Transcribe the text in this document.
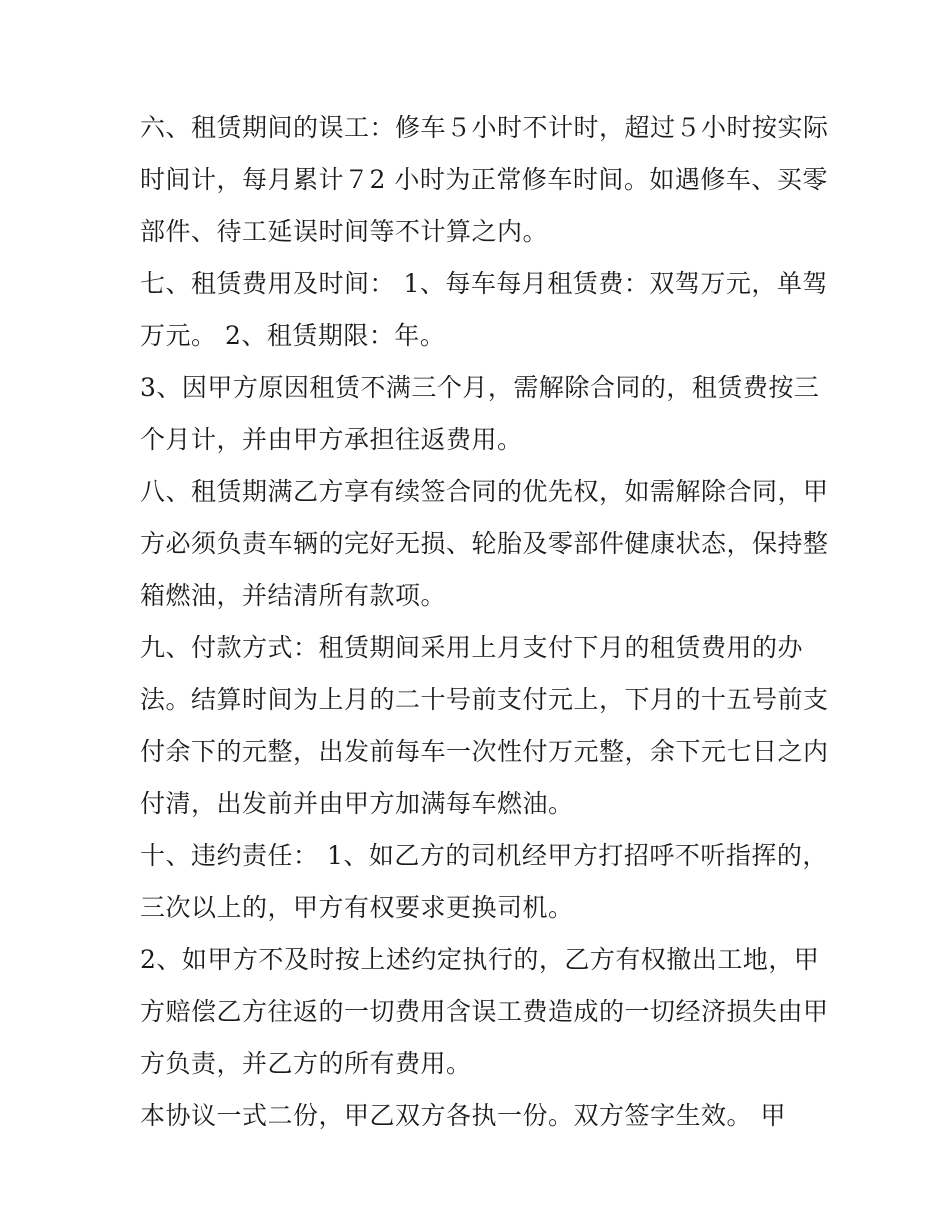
六、租赁期间的误工：修车５小时不计时，超过５小时按实际
时间计，每月累计７2 小时为正常修车时间。如遇修车、买零
部件、待工延误时间等不计算之内。
七、租赁费用及时间： 1、每车每月租赁费：双驾万元，单驾
万元。 2、租赁期限：年。
3、因甲方原因租赁不满三个月，需解除合同的，租赁费按三
个月计，并由甲方承担往返费用。
八、租赁期满乙方享有续签合同的优先权，如需解除合同，甲
方必须负责车辆的完好无损、轮胎及零部件健康状态，保持整
箱燃油，并结清所有款项。
九、付款方式：租赁期间采用上月支付下月的租赁费用的办
法。结算时间为上月的二十号前支付元上，下月的十五号前支
付余下的元整，出发前每车一次性付万元整，余下元七日之内
付清，出发前并由甲方加满每车燃油。
十、违约责任： 1、如乙方的司机经甲方打招呼不听指挥的，
三次以上的，甲方有权要求更换司机。
2、如甲方不及时按上述约定执行的，乙方有权撤出工地，甲
方赔偿乙方往返的一切费用含误工费造成的一切经济损失由甲
方负责，并乙方的所有费用。
本协议一式二份，甲乙双方各执一份。双方签字生效。 甲
